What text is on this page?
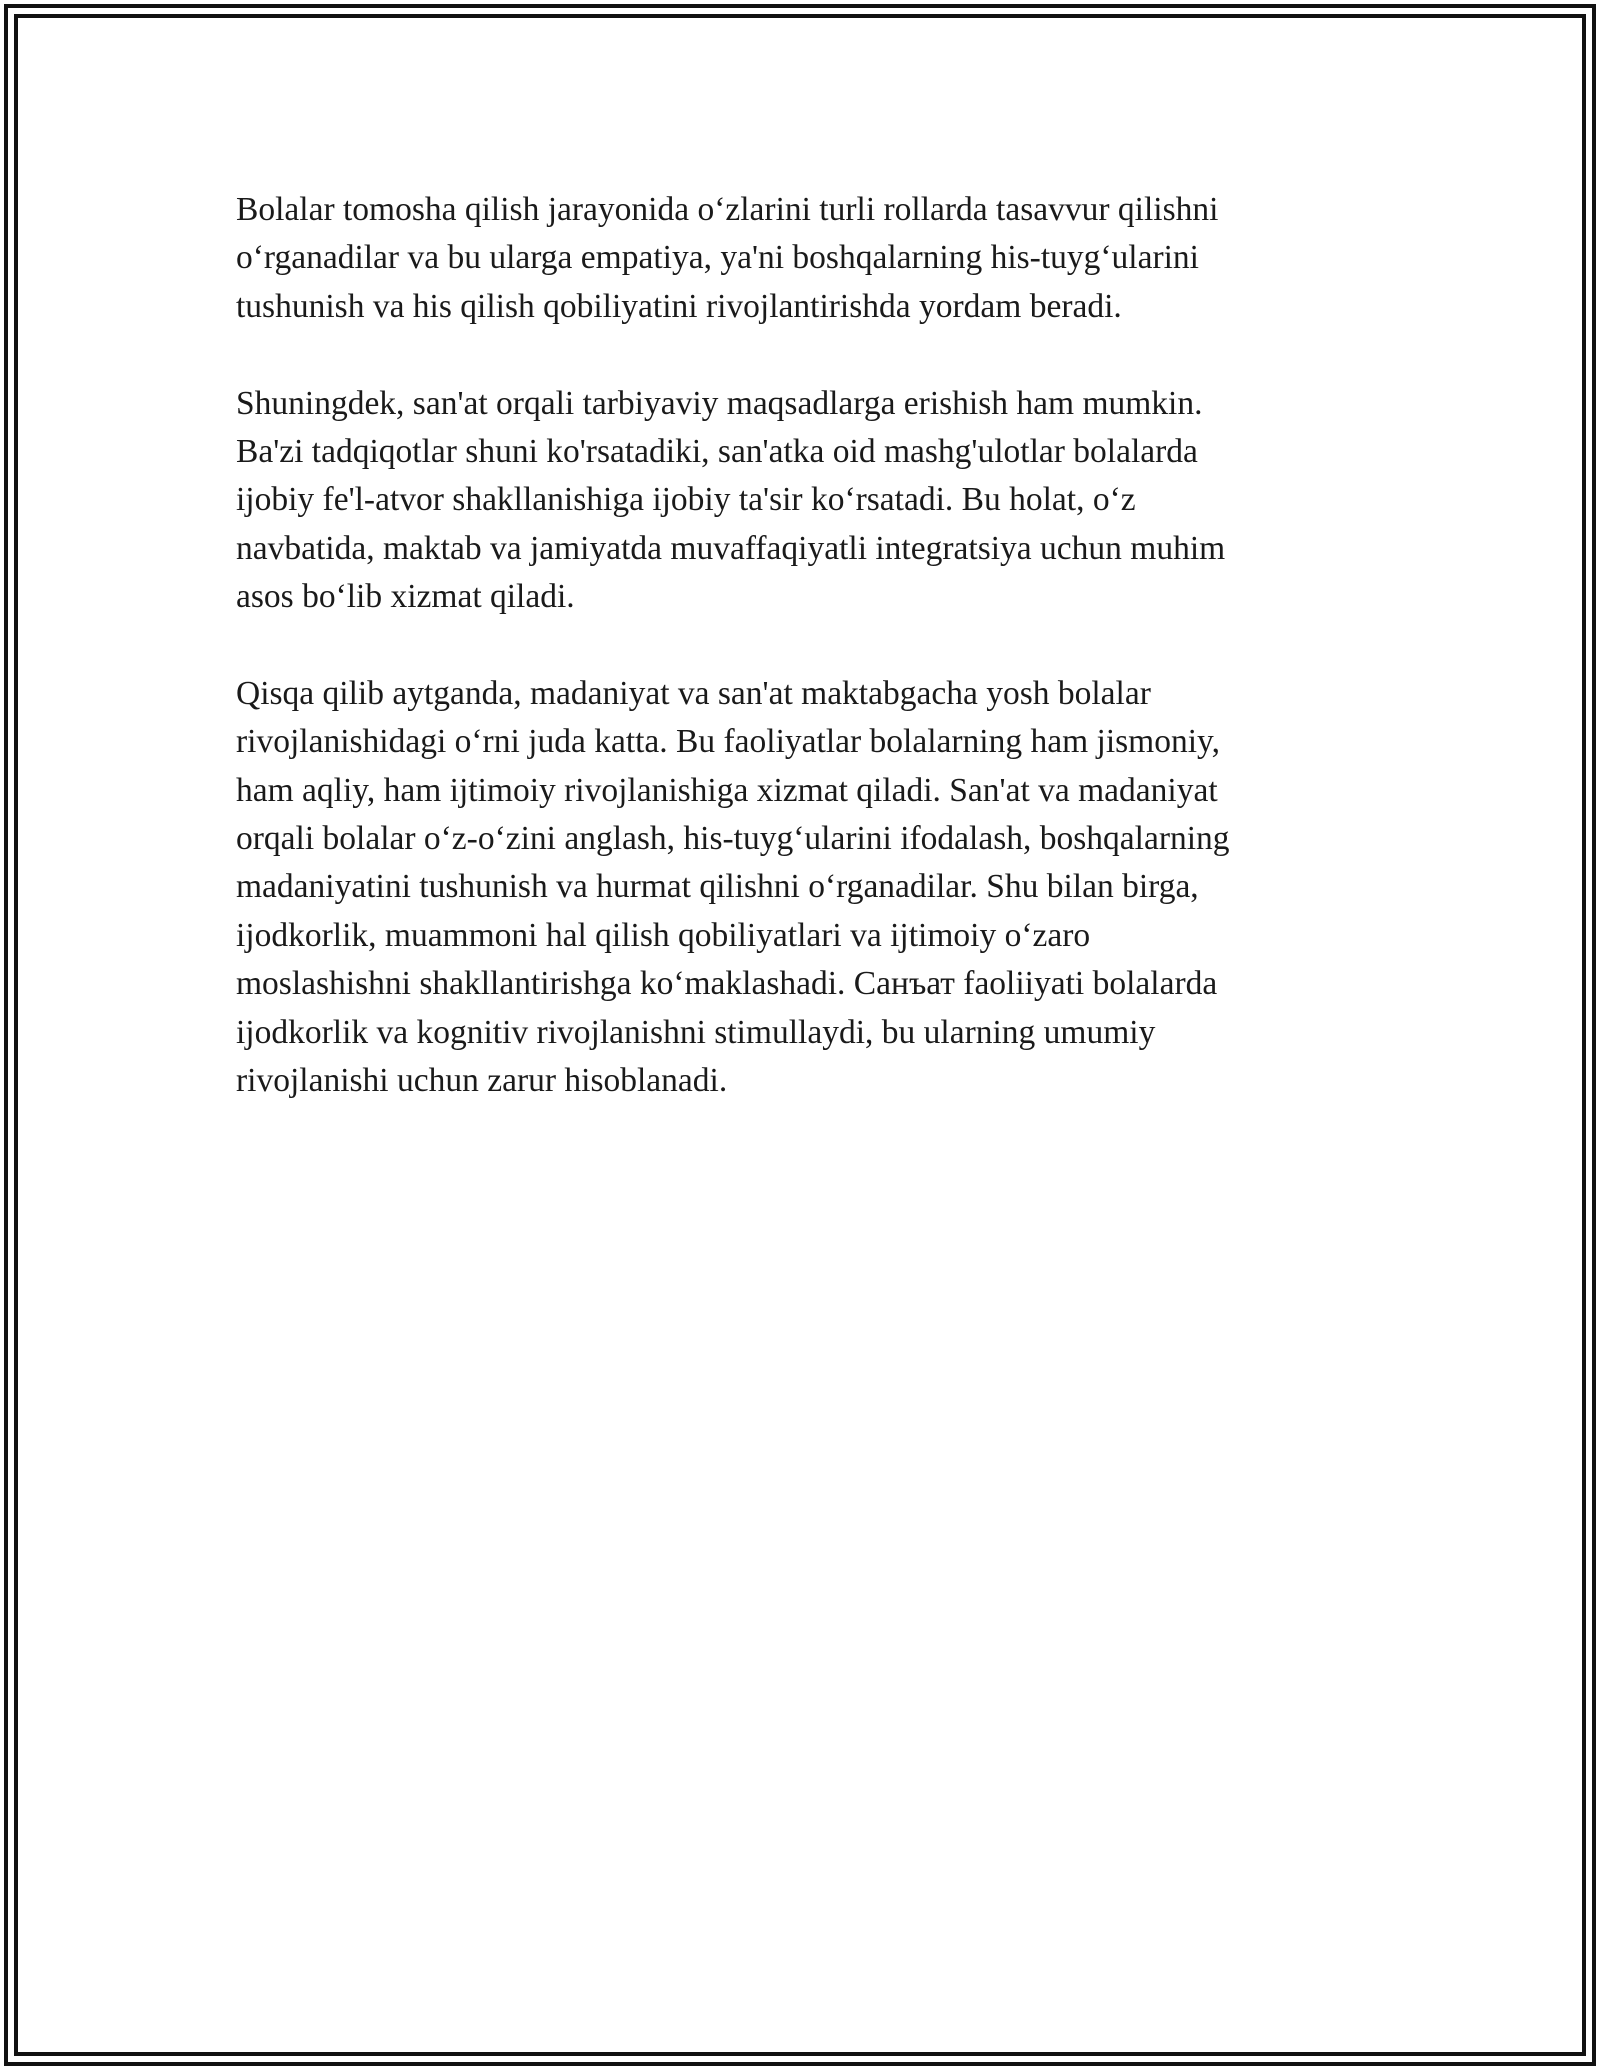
Bolalar tomosha qilish jarayonida o‘zlarini turli rollarda tasavvur qilishni
o‘rganadilar va bu ularga empatiya, ya'ni boshqalarning his-tuyg‘ularini
tushunish va his qilish qobiliyatini rivojlantirishda yordam beradi.

Shuningdek, san'at orqali tarbiyaviy maqsadlarga erishish ham mumkin.
Ba'zi tadqiqotlar shuni ko'rsatadiki, san'atka oid mashg'ulotlar bolalarda
ijobiy fe'l-atvor shakllanishiga ijobiy ta'sir ko‘rsatadi. Bu holat, o‘z
navbatida, maktab va jamiyatda muvaffaqiyatli integratsiya uchun muhim
asos bo‘lib xizmat qiladi.

Qisqa qilib aytganda, madaniyat va san'at maktabgacha yosh bolalar
rivojlanishidagi o‘rni juda katta. Bu faoliyatlar bolalarning ham jismoniy,
ham aqliy, ham ijtimoiy rivojlanishiga xizmat qiladi. San'at va madaniyat
orqali bolalar o‘z-o‘zini anglash, his-tuyg‘ularini ifodalash, boshqalarning
madaniyatini tushunish va hurmat qilishni o‘rganadilar. Shu bilan birga,
ijodkorlik, muammoni hal qilish qobiliyatlari va ijtimoiy o‘zaro
moslashishni shakllantirishga ko‘maklashadi. Санъат faoliiyati bolalarda
ijodkorlik va kognitiv rivojlanishni stimullaydi, bu ularning umumiy
rivojlanishi uchun zarur hisoblanadi.
